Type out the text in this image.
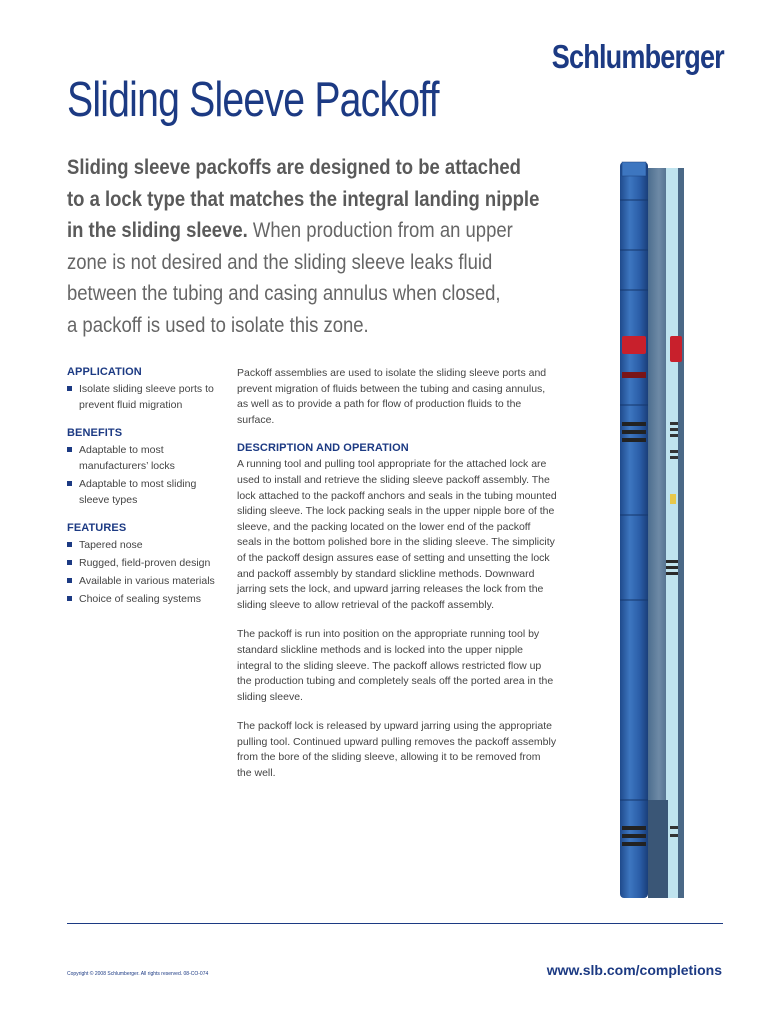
Schlumberger
Sliding Sleeve Packoff
Sliding sleeve packoffs are designed to be attached
to a lock type that matches the integral landing nipple
in the sliding sleeve. When production from an upper
zone is not desired and the sliding sleeve leaks fluid
between the tubing and casing annulus when closed,
a packoff is used to isolate this zone.
APPLICATION
Isolate sliding sleeve ports to prevent fluid migration
BENEFITS
Adaptable to most manufacturers’ locks
Adaptable to most sliding sleeve types
FEATURES
Tapered nose
Rugged, field-proven design
Available in various materials
Choice of sealing systems

Packoff assemblies are used to isolate the sliding sleeve ports and prevent migration of fluids between the tubing and casing annulus, as well as to provide a path for flow of production fluids to the surface.

DESCRIPTION AND OPERATION

A running tool and pulling tool appropriate for the attached lock are used to install and retrieve the sliding sleeve packoff assembly. The lock attached to the packoff anchors and seals in the tubing mounted sliding sleeve. The lock packing seals in the upper nipple bore of the sleeve, and the packing located on the lower end of the packoff seals in the bottom polished bore in the sliding sleeve. The simplicity of the packoff design assures ease of setting and unsetting the lock and packoff assembly by standard slickline methods. Downward jarring sets the lock, and upward jarring releases the lock from the sliding sleeve to allow retrieval of the packoff assembly.

The packoff is run into position on the appropriate running tool by standard slickline methods and is locked into the upper nipple integral to the sliding sleeve. The packoff allows restricted flow up the production tubing and completely seals off the ported area in the sliding sleeve.

The packoff lock is released by upward jarring using the appropriate pulling tool. Continued upward pulling removes the packoff assembly from the bore of the sliding sleeve, allowing it to be removed from the well.

Copyright © 2008 Schlumberger. All rights reserved. 08-CO-074	www.slb.com/completions
